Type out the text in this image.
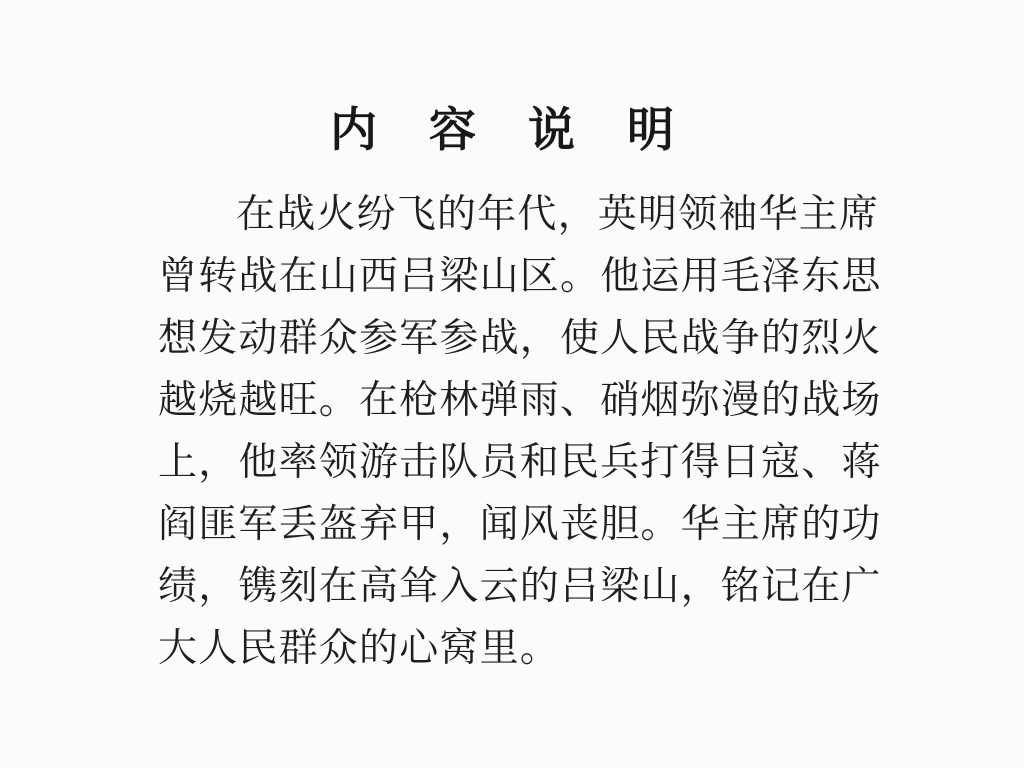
内容说明
在战火纷飞的年代，英明领袖华主席
曾转战在山西吕梁山区。他运用毛泽东思
想发动群众参军参战，使人民战争的烈火
越烧越旺。在枪林弹雨、硝烟弥漫的战场
上，他率领游击队员和民兵打得日寇、蒋
阎匪军丢盔弃甲，闻风丧胆。华主席的功
绩，镌刻在高耸入云的吕梁山，铭记在广
大人民群众的心窝里。
